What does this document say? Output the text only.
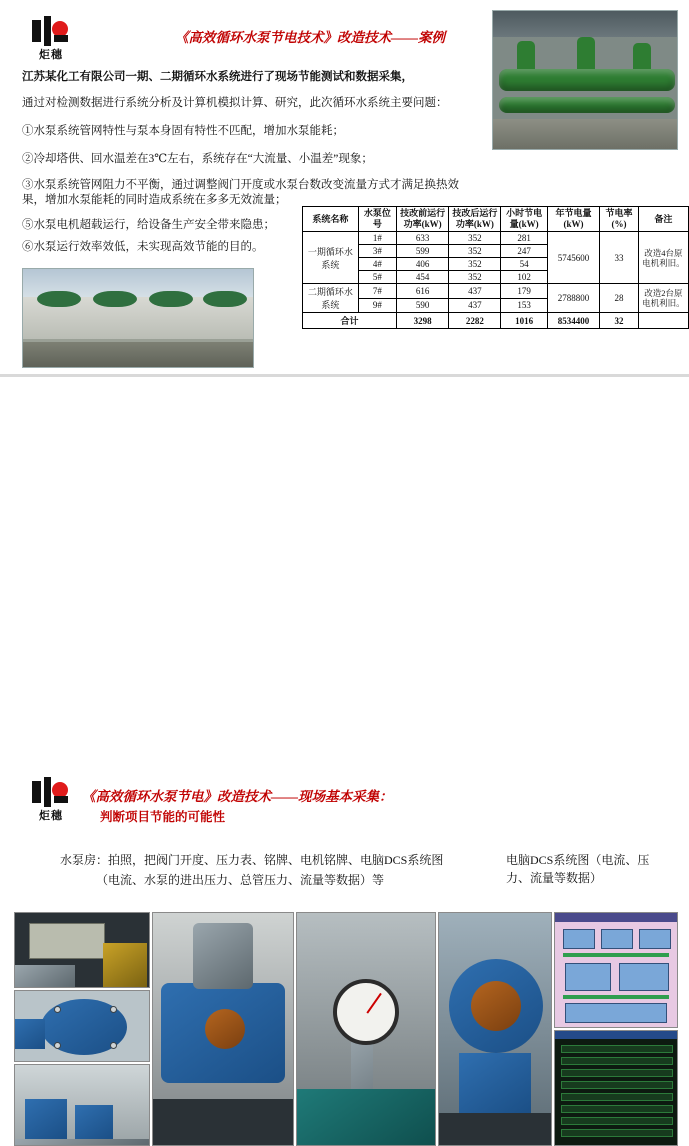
炬穗
《高效循环水泵节电技术》改造技术——案例
江苏某化工有限公司一期、二期循环水系统进行了现场节能测试和数据采集，
通过对检测数据进行系统分析及计算机模拟计算、研究，此次循环水系统主要问题：
①水泵系统管网特性与泵本身固有特性不匹配，增加水泵能耗；
②冷却塔供、回水温差在3℃左右，系统存在“大流量、小温差”现象；
③水泵系统管网阻力不平衡，通过调整阀门开度或水泵台数改变流量方式才满足换热效果，增加水泵能耗的同时造成系统在多多无效流量；
⑤水泵电机超载运行，给设备生产安全带来隐患；
⑥水泵运行效率效低，未实现高效节能的目的。
系统名称	水泵位号	技改前运行功率(kW)	技改后运行功率(kW)	小时节电量(kW)	年节电量(kW)	节电率(%)	备注
一期循环水系统	1#	633	352	281	5745600	33	改造4台原电机利旧。
	3#	599	352	247			
	4#	406	352	54			
	5#	454	352	102			
二期循环水系统	7#	616	437	179	2788800	28	改造2台原电机利旧。
	9#	590	437	153			
合计		3298	2282	1016	8534400	32	
炬穗
《高效循环水泵节电》改造技术——现场基本采集：
判断项目节能的可能性
水泵房：拍照，把阀门开度、压力表、铭牌、电机铭牌、电脑DCS系统图
（电流、水泵的进出压力、总管压力、流量等数据）等
电脑DCS系统图（电流、压力、流量等数据）
